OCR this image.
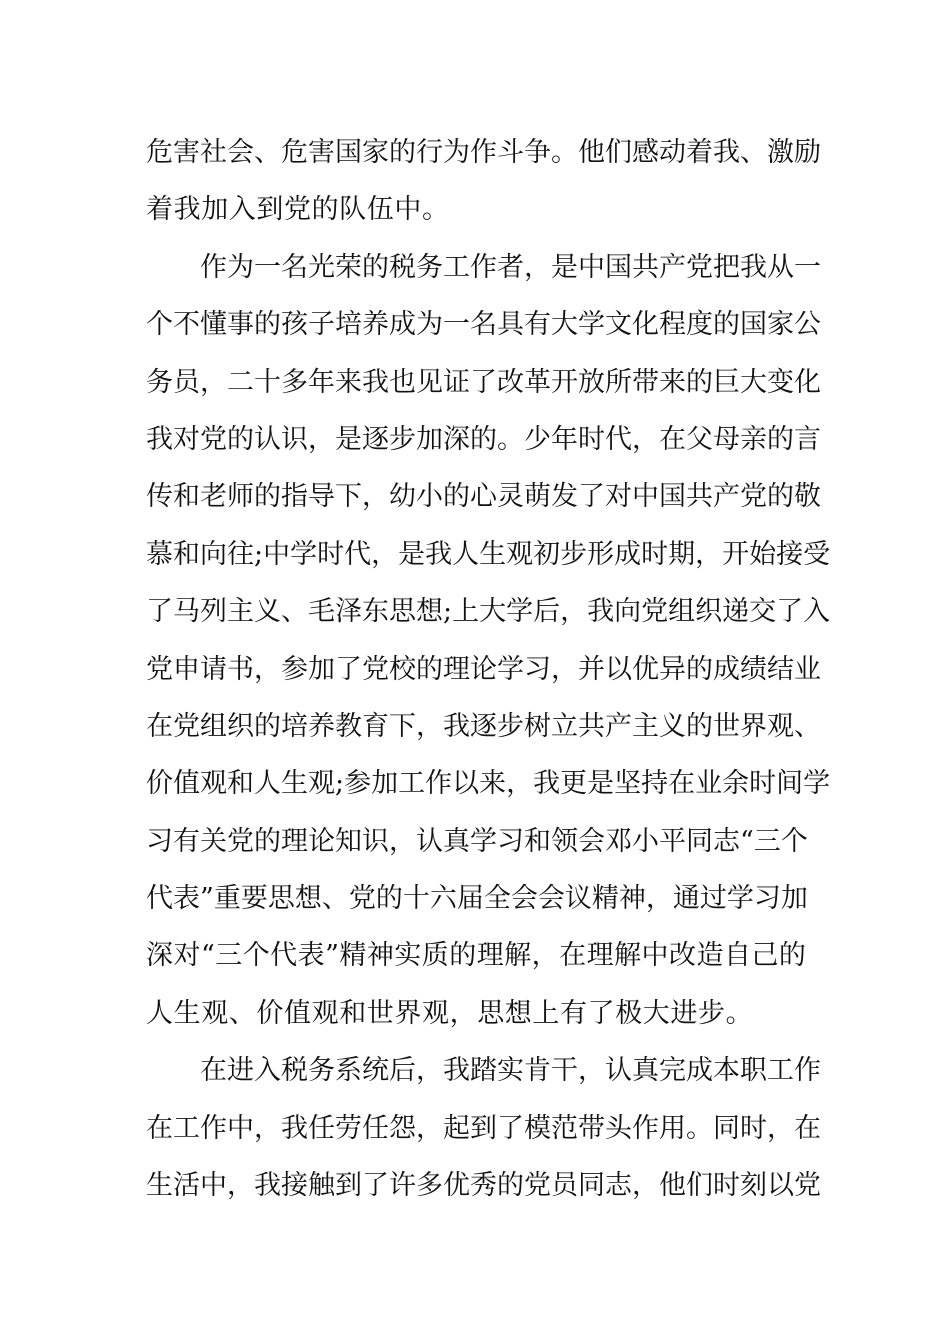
危 害 社 会 、 危 害 国 家 的 行 为 作 斗 争 。 他 们 感 动 着 我 、 激 励
着我加入到党的队伍中。
作 为 一 名 光 荣 的 税 务 工 作 者 ， 是 中 国 共 产 党 把 我 从 一
个 不 懂 事 的 孩 子 培 养 成 为 一 名 具 有 大 学 文 化 程 度 的 国 家 公
务 员 ， 二 十 多 年 来 我 也 见 证 了 改 革 开 放 所 带 来 的 巨 大 变 化
我 对 党 的 认 识 ， 是 逐 步 加 深 的 。 少 年 时 代 ， 在 父 母 亲 的 言
传 和 老 师 的 指 导 下 ， 幼 小 的 心 灵 萌 发 了 对 中 国 共 产 党 的 敬
慕 和 向 往 ; 中 学 时 代 ， 是 我 人 生 观 初 步 形 成 时 期 ， 开 始 接 受
了 马 列 主 义 、 毛 泽 东 思 想 ; 上 大 学 后 ， 我 向 党 组 织 递 交 了 入
党 申 请 书 ， 参 加 了 党 校 的 理 论 学 习 ， 并 以 优 异 的 成 绩 结 业
在 党 组 织 的 培 养 教 育 下 ， 我 逐 步 树 立 共 产 主 义 的 世 界 观 、
价 值 观 和 人 生 观 ; 参 加 工 作 以 来 ， 我 更 是 坚 持 在 业 余 时 间 学
习 有 关 党 的 理 论 知 识 ， 认 真 学 习 和 领 会 邓 小 平 同 志 “ 三 个
代 表 ” 重 要 思 想 、 党 的 十 六 届 全 会 会 议 精 神 ， 通 过 学 习 加
深 对 “ 三 个 代 表 ” 精 神 实 质 的 理 解 ， 在 理 解 中 改 造 自 己 的
人生观、价值观和世界观，思想上有了极大进步。
在 进 入 税 务 系 统 后 ， 我 踏 实 肯 干 ， 认 真 完 成 本 职 工 作
在 工 作 中 ， 我 任 劳 任 怨 ， 起 到 了 模 范 带 头 作 用 。 同 时 ， 在
生 活 中 ， 我 接 触 到 了 许 多 优 秀 的 党 员 同 志 ， 他 们 时 刻 以 党
